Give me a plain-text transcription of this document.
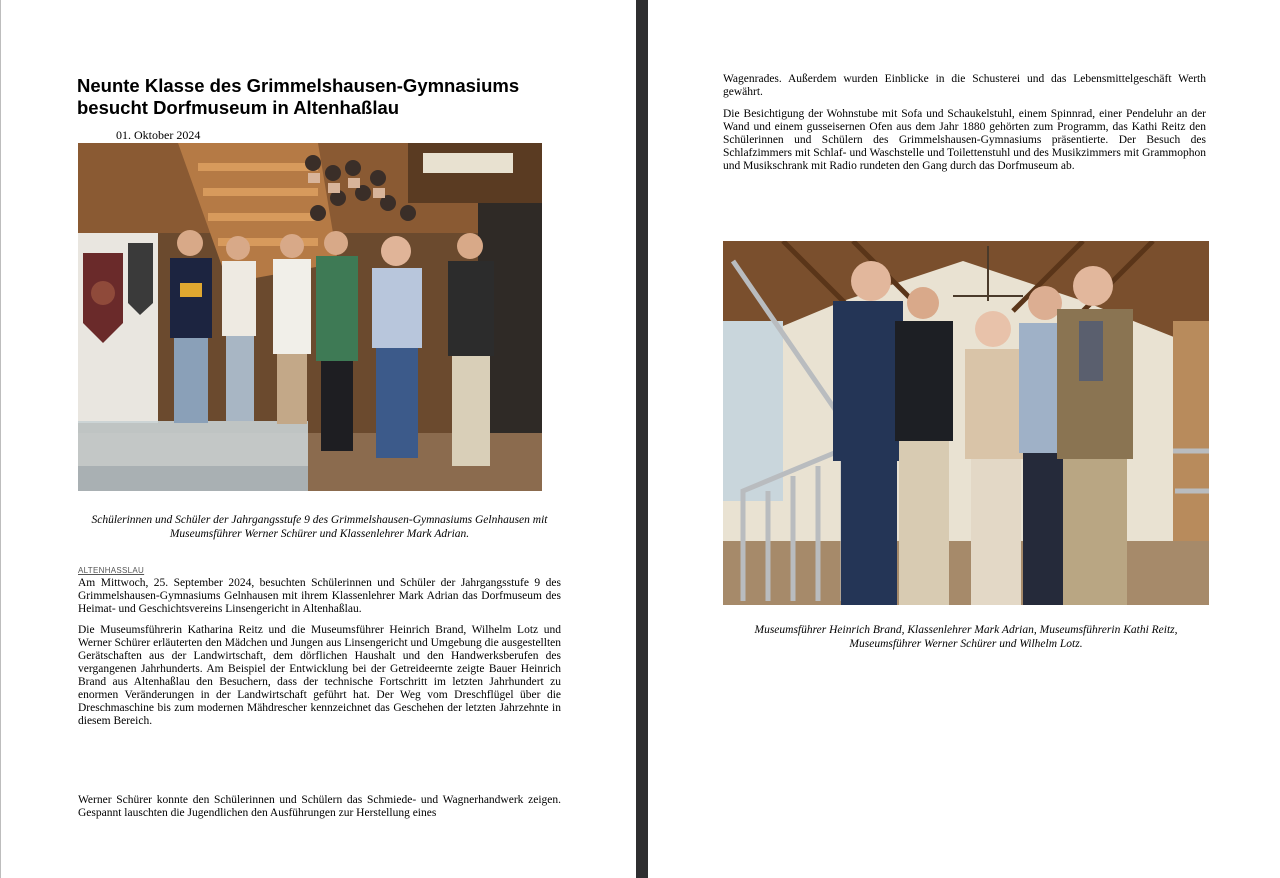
Neunte Klasse des Grimmelshausen-Gymnasiums besucht Dorfmuseum in Altenhaßlau
01. Oktober 2024

Schülerinnen und Schüler der Jahrgangsstufe 9 des Grimmelshausen-Gymnasiums Gelnhausen mit Museumsführer Werner Schürer und Klassenlehrer Mark Adrian.

ALTENHASSLAU

Am Mittwoch, 25. September 2024, besuchten Schülerinnen und Schüler der Jahrgangsstufe 9 des Grimmelshausen-Gymnasiums Gelnhausen mit ihrem Klassenlehrer Mark Adrian das Dorfmuseum des Heimat- und Geschichtsvereins Linsengericht in Altenhaßlau.

Die Museumsführerin Katharina Reitz und die Museumsführer Heinrich Brand, Wilhelm Lotz und Werner Schürer erläuterten den Mädchen und Jungen aus Linsengericht und Umgebung die ausgestellten Gerätschaften aus der Landwirtschaft, dem dörflichen Haushalt und den Handwerksberufen des vergangenen Jahrhunderts. Am Beispiel der Entwicklung bei der Getreideernte zeigte Bauer Heinrich Brand aus Altenhaßlau den Besuchern, dass der technische Fortschritt im letzten Jahrhundert zu enormen Veränderungen in der Landwirtschaft geführt hat. Der Weg vom Dreschflügel über die Dreschmaschine bis zum modernen Mähdrescher kennzeichnet das Geschehen der letzten Jahrzehnte in diesem Bereich.

Werner Schürer konnte den Schülerinnen und Schülern das Schmiede- und Wagnerhandwerk zeigen. Gespannt lauschten die Jugendlichen den Ausführungen zur Herstellung eines

Wagenrades. Außerdem wurden Einblicke in die Schusterei und das Lebensmittelgeschäft Werth gewährt.

Die Besichtigung der Wohnstube mit Sofa und Schaukelstuhl, einem Spinnrad, einer Pendeluhr an der Wand und einem gusseisernen Ofen aus dem Jahr 1880 gehörten zum Programm, das Kathi Reitz den Schülerinnen und Schülern des Grimmelshausen-Gymnasiums präsentierte. Der Besuch des Schlafzimmers mit Schlaf- und Waschstelle und Toilettenstuhl und des Musikzimmers mit Grammophon und Musikschrank mit Radio rundeten den Gang durch das Dorfmuseum ab.

Museumsführer Heinrich Brand, Klassenlehrer Mark Adrian, Museumsführerin Kathi Reitz, Museumsführer Werner Schürer und Wilhelm Lotz.
